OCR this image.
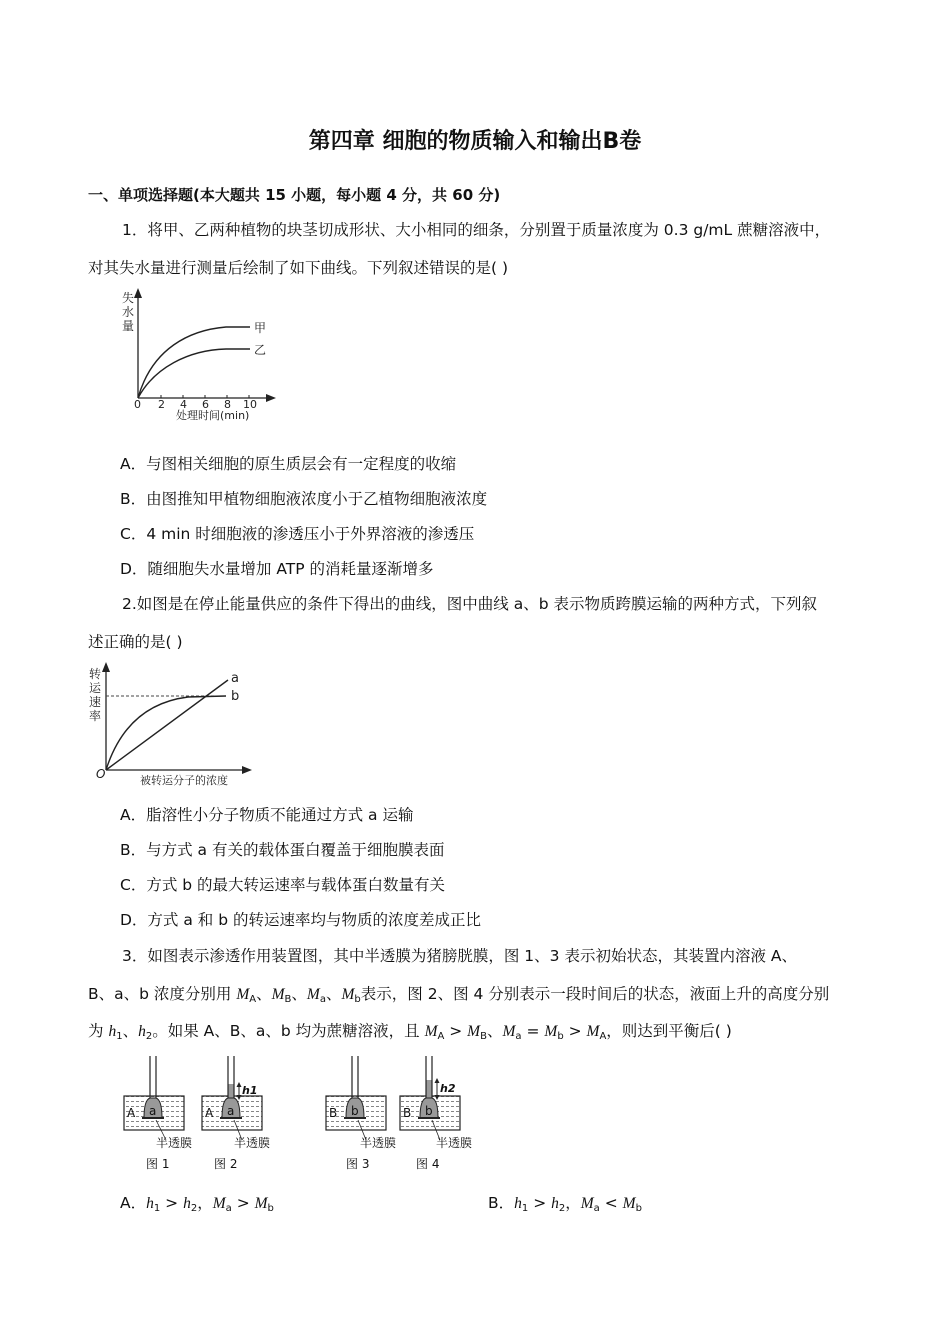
第四章 细胞的物质输入和输出B卷
一、单项选择题(本大题共 15 小题，每小题 4 分，共 60 分)
1．将甲、乙两种植物的块茎切成形状、大小相同的细条，分别置于质量浓度为 0.3 g/mL 蔗糖溶液中，
对其失水量进行测量后绘制了如下曲线。下列叙述错误的是( )
失
水
量
0 2 4 6 8 10
处理时间(min)
甲
乙
A．与图相关细胞的原生质层会有一定程度的收缩
B．由图推知甲植物细胞液浓度小于乙植物细胞液浓度
C．4 min 时细胞液的渗透压小于外界溶液的渗透压
D．随细胞失水量增加 ATP 的消耗量逐渐增多
2.如图是在停止能量供应的条件下得出的曲线，图中曲线 a、b 表示物质跨膜运输的两种方式，下列叙
述正确的是( )
转
运
速
率
a
b
O	被转运分子的浓度
A．脂溶性小分子物质不能通过方式 a 运输
B．与方式 a 有关的载体蛋白覆盖于细胞膜表面
C．方式 b 的最大转运速率与载体蛋白数量有关
D．方式 a 和 b 的转运速率均与物质的浓度差成正比
3．如图表示渗透作用装置图，其中半透膜为猪膀胱膜，图 1、3 表示初始状态，其装置内溶液 A、
B、a、b 浓度分别用 $M_A$、$M_B$、$M_a$、$M_b$表示，图 2、图 4 分别表示一段时间后的状态，液面上升的高度分别
为 $h_1$、$h_2$。如果 A、B、a、b 均为蔗糖溶液，且 $M_A > M_B$、$M_a = M_b > M_A$，则达到平衡后( )
A a
h1
A a	B b
h2
B b
半透膜	半透膜	半透膜	半透膜
图 1	图 2	图 3	图 4
A．$h_1 > h_2$，$M_a > M_b$	B．$h_1 > h_2$，$M_a < M_b$
